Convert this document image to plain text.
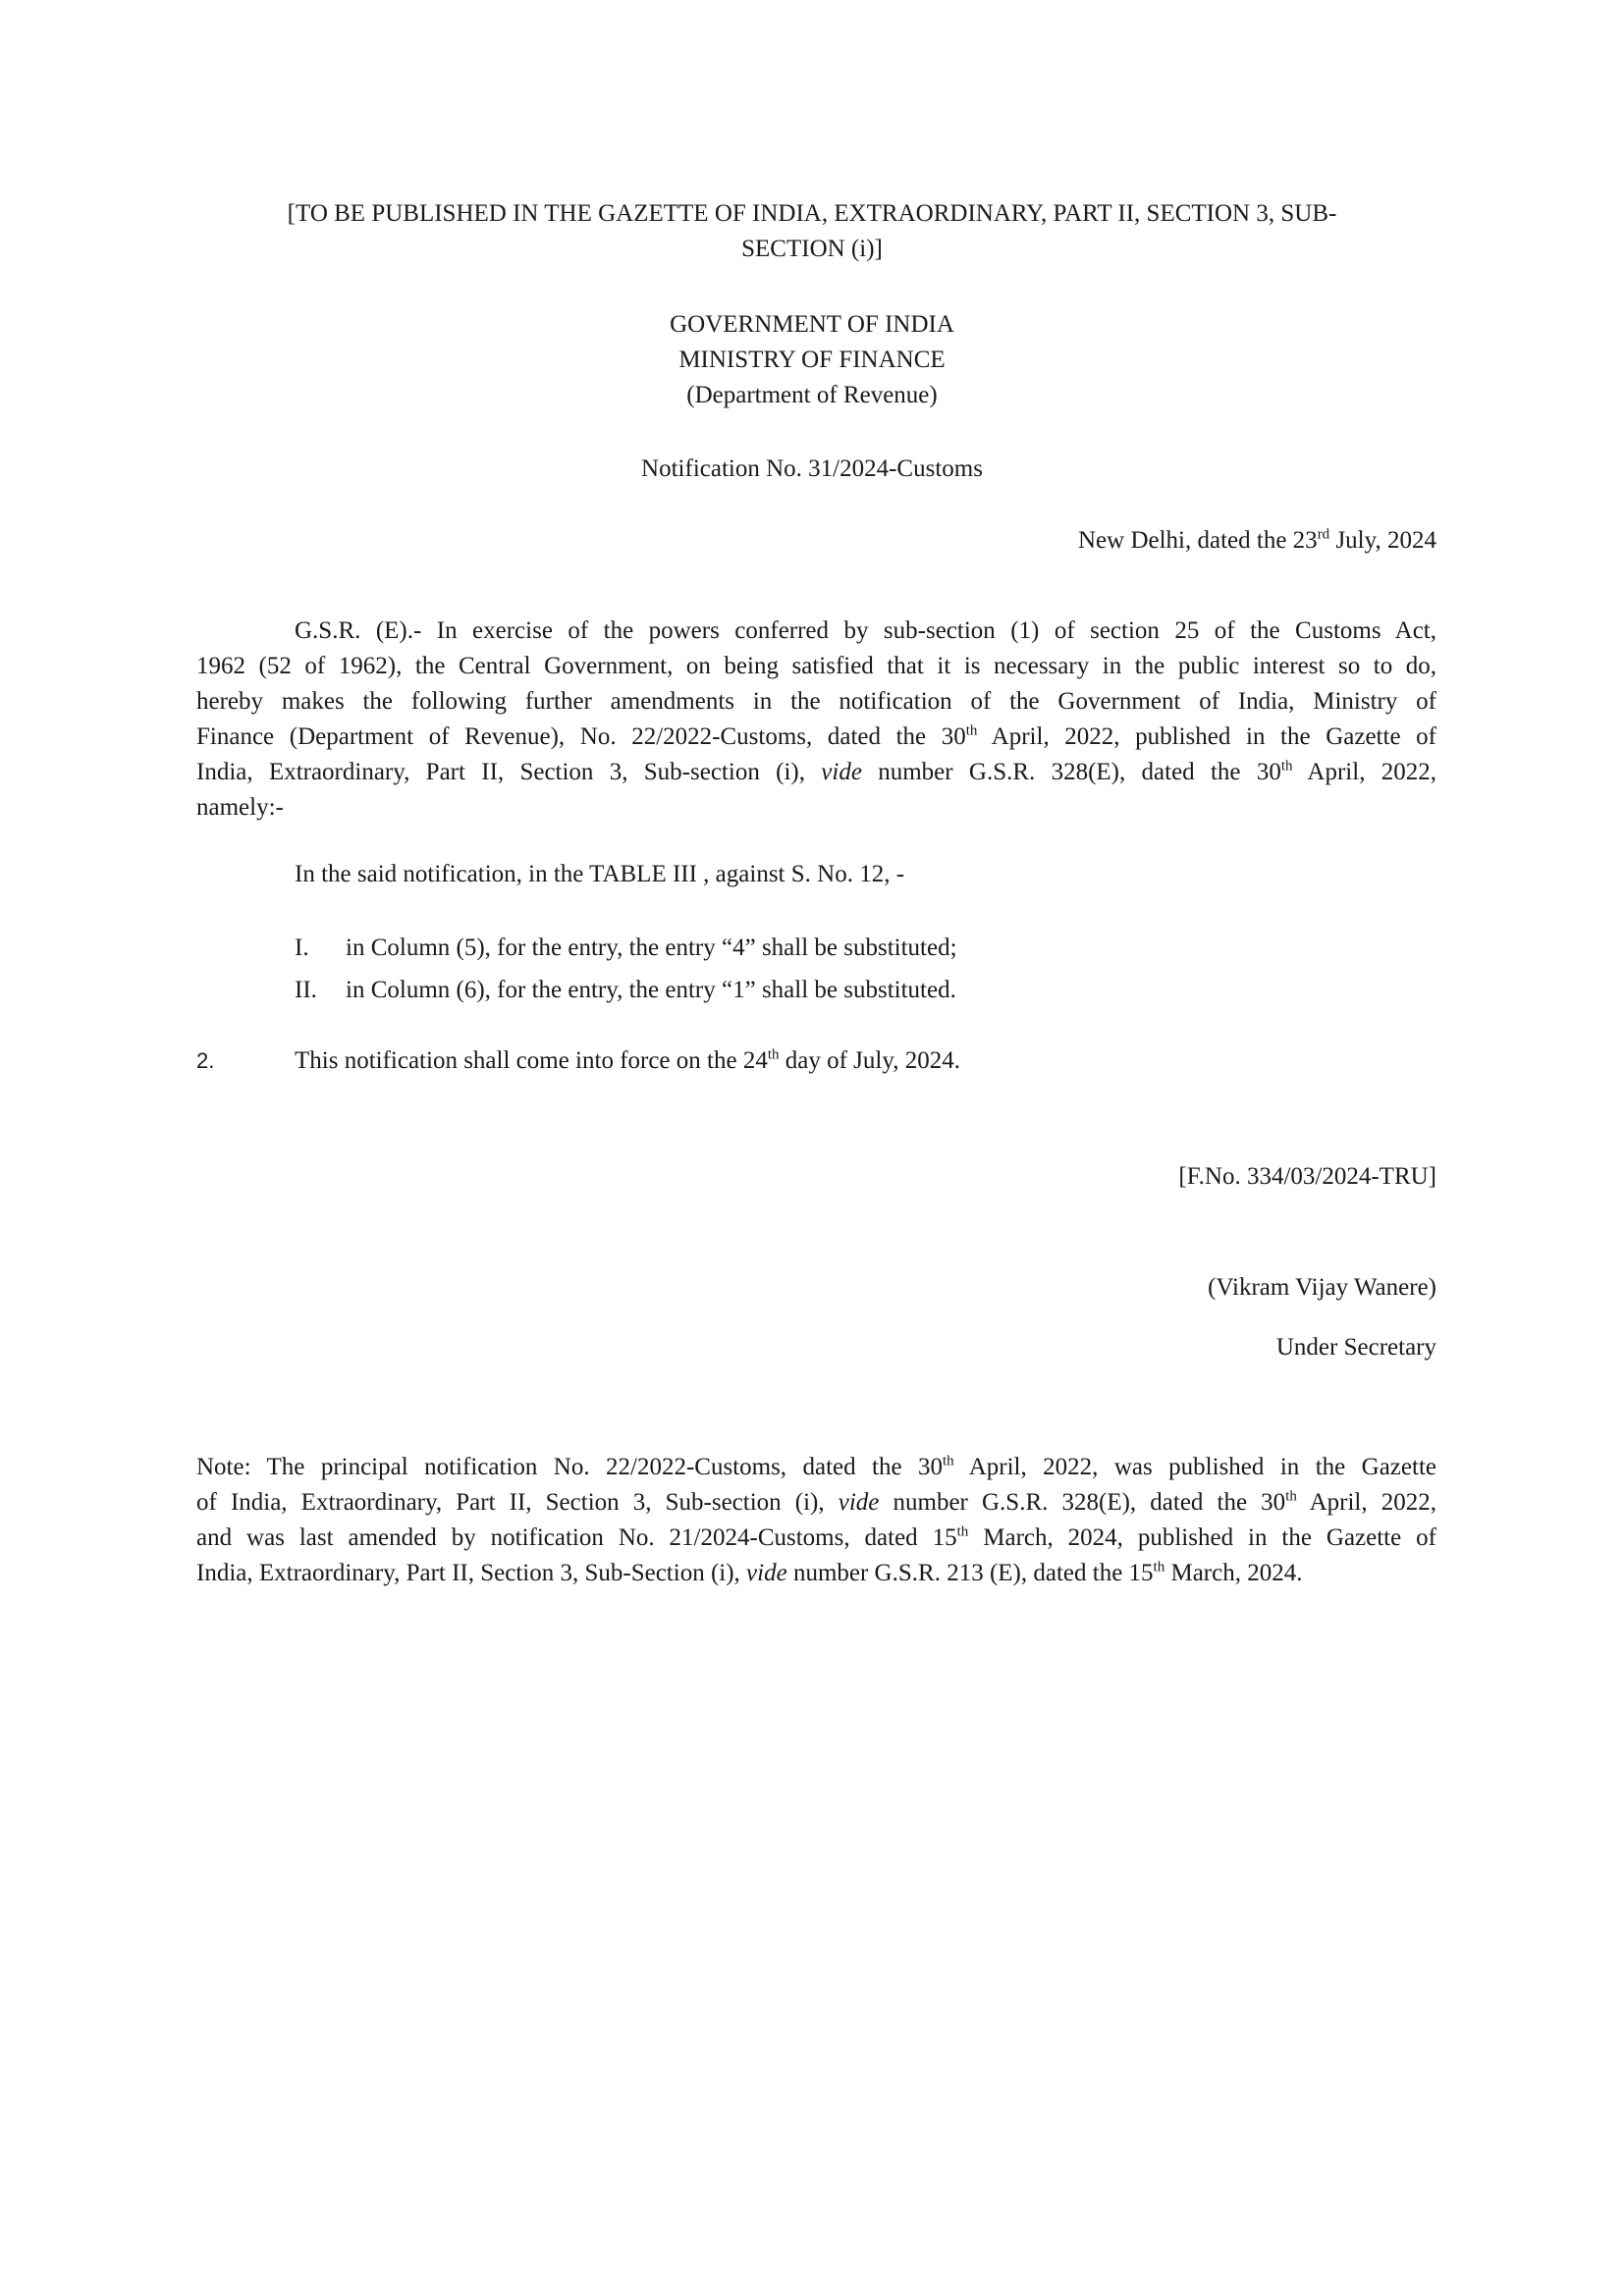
[TO BE PUBLISHED IN THE GAZETTE OF INDIA, EXTRAORDINARY, PART II, SECTION 3, SUB-
SECTION (i)]
GOVERNMENT OF INDIA
MINISTRY OF FINANCE
(Department of Revenue)
Notification No. 31/2024-Customs
New Delhi, dated the 23rd July, 2024
G.S.R. (E).- In exercise of the powers conferred by sub-section (1) of section 25 of the Customs Act,
1962 (52 of 1962), the Central Government, on being satisfied that it is necessary in the public interest so to do,
hereby makes the following further amendments in the notification of the Government of India, Ministry of
Finance (Department of Revenue), No. 22/2022-Customs, dated the 30th April, 2022, published in the Gazette of
India, Extraordinary, Part II, Section 3, Sub-section (i), vide number G.S.R. 328(E), dated the 30th April, 2022,
namely:-
In the said notification, in the TABLE III , against S. No. 12, -
I. in Column (5), for the entry, the entry “4” shall be substituted;
II. in Column (6), for the entry, the entry “1” shall be substituted.
2.	This notification shall come into force on the 24th day of July, 2024.
[F.No. 334/03/2024-TRU]
(Vikram Vijay Wanere)
Under Secretary
Note: The principal notification No. 22/2022-Customs, dated the 30th April, 2022, was published in the Gazette
of India, Extraordinary, Part II, Section 3, Sub-section (i), vide number G.S.R. 328(E), dated the 30th April, 2022,
and was last amended by notification No. 21/2024-Customs, dated 15th March, 2024, published in the Gazette of
India, Extraordinary, Part II, Section 3, Sub-Section (i), vide number G.S.R. 213 (E), dated the 15th March, 2024.
